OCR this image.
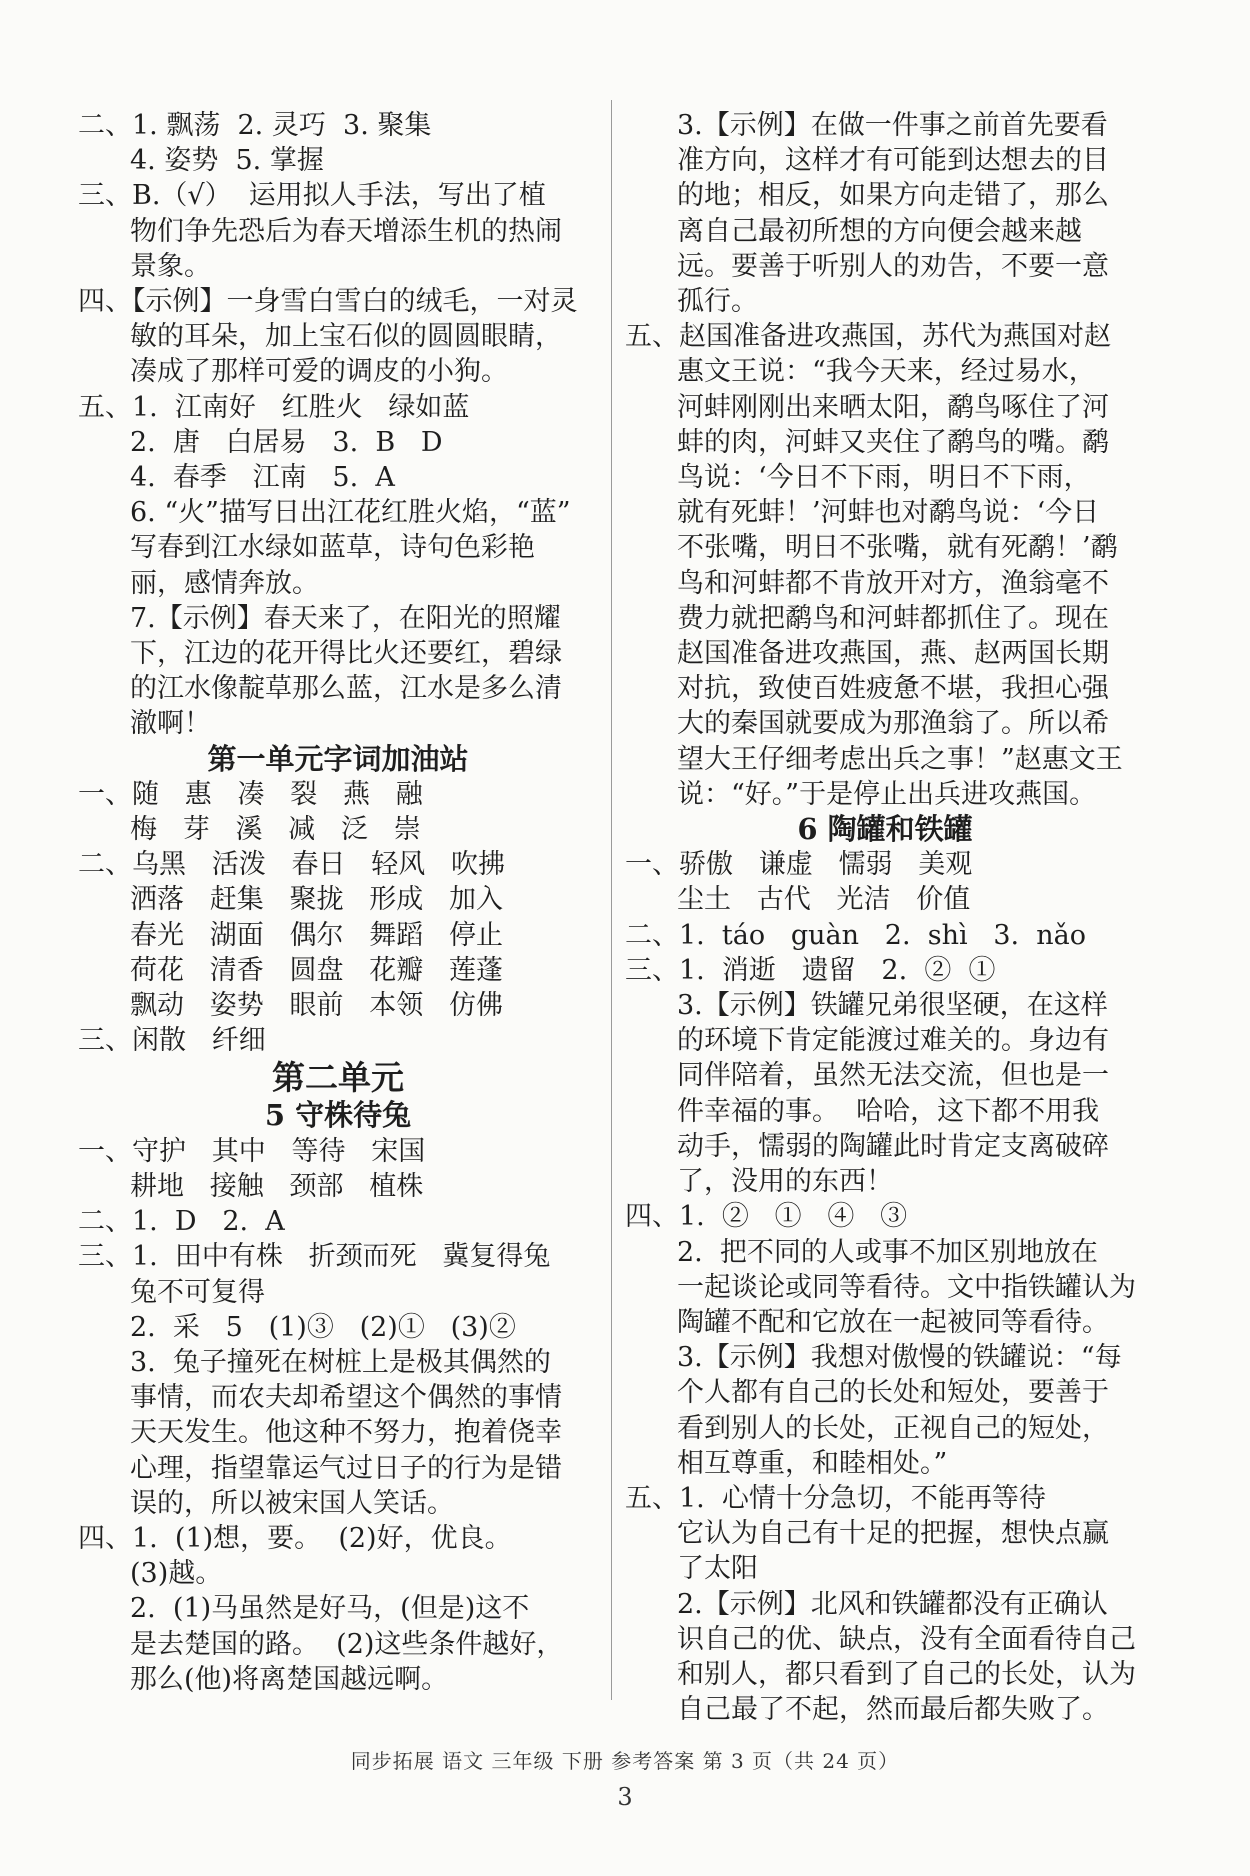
二、1. 飘荡  2. 灵巧  3. 聚集
4. 姿势  5. 掌握
三、B.（√）  运用拟人手法，写出了植
物们争先恐后为春天增添生机的热闹
景象。
四、【示例】一身雪白雪白的绒毛，一对灵
敏的耳朵，加上宝石似的圆圆眼睛，
凑成了那样可爱的调皮的小狗。
五、1.  江南好   红胜火   绿如蓝
2.  唐   白居易   3.  B   D
4.  春季   江南   5.  A
6. “火”描写日出江花红胜火焰，“蓝”
写春到江水绿如蓝草，诗句色彩艳
丽，感情奔放。
7.【示例】春天来了，在阳光的照耀
下，江边的花开得比火还要红，碧绿
的江水像靛草那么蓝，江水是多么清
澈啊！
第一单元字词加油站
一、随   惠   凑   裂   燕   融
梅   芽   溪   减   泛   崇
二、乌黑   活泼   春日   轻风   吹拂
洒落   赶集   聚拢   形成   加入
春光   湖面   偶尔   舞蹈   停止
荷花   清香   圆盘   花瓣   莲蓬
飘动   姿势   眼前   本领   仿佛
三、闲散   纤细
第二单元
5 守株待兔
一、守护   其中   等待   宋国
耕地   接触   颈部   植株
二、1.  D   2.  A
三、1.  田中有株   折颈而死   冀复得兔
兔不可复得
2.  采   5   (1)③   (2)①   (3)②
3.  兔子撞死在树桩上是极其偶然的
事情，而农夫却希望这个偶然的事情
天天发生。他这种不努力，抱着侥幸
心理，指望靠运气过日子的行为是错
误的，所以被宋国人笑话。
四、1.  (1)想，要。  (2)好，优良。
(3)越。
2.  (1)马虽然是好马，(但是)这不
是去楚国的路。  (2)这些条件越好，
那么(他)将离楚国越远啊。
3.【示例】在做一件事之前首先要看
准方向，这样才有可能到达想去的目
的地；相反，如果方向走错了，那么
离自己最初所想的方向便会越来越
远。要善于听别人的劝告，不要一意
孤行。
五、赵国准备进攻燕国，苏代为燕国对赵
惠文王说：“我今天来，经过易水，
河蚌刚刚出来晒太阳，鹬鸟啄住了河
蚌的肉，河蚌又夹住了鹬鸟的嘴。鹬
鸟说：‘今日不下雨，明日不下雨，
就有死蚌！’河蚌也对鹬鸟说：‘今日
不张嘴，明日不张嘴，就有死鹬！’鹬
鸟和河蚌都不肯放开对方，渔翁毫不
费力就把鹬鸟和河蚌都抓住了。现在
赵国准备进攻燕国，燕、赵两国长期
对抗，致使百姓疲惫不堪，我担心强
大的秦国就要成为那渔翁了。所以希
望大王仔细考虑出兵之事！”赵惠文王
说：“好。”于是停止出兵进攻燕国。
6 陶罐和铁罐
一、骄傲   谦虚   懦弱   美观
尘土   古代   光洁   价值
二、1.  táo   guàn   2.  shì   3.  nǎo
三、1.  消逝   遗留   2.  ②  ①
3.【示例】铁罐兄弟很坚硬，在这样
的环境下肯定能渡过难关的。身边有
同伴陪着，虽然无法交流，但也是一
件幸福的事。  哈哈，这下都不用我
动手，懦弱的陶罐此时肯定支离破碎
了，没用的东西！
四、1.  ②   ①   ④   ③
2.  把不同的人或事不加区别地放在
一起谈论或同等看待。文中指铁罐认为
陶罐不配和它放在一起被同等看待。
3.【示例】我想对傲慢的铁罐说：“每
个人都有自己的长处和短处，要善于
看到别人的长处，正视自己的短处，
相互尊重，和睦相处。”
五、1.  心情十分急切，不能再等待
它认为自己有十足的把握，想快点赢
了太阳
2.【示例】北风和铁罐都没有正确认
识自己的优、缺点，没有全面看待自己
和别人，都只看到了自己的长处，认为
自己最了不起，然而最后都失败了。
同步拓展 语文 三年级 下册 参考答案 第 3 页（共 24 页）
3
